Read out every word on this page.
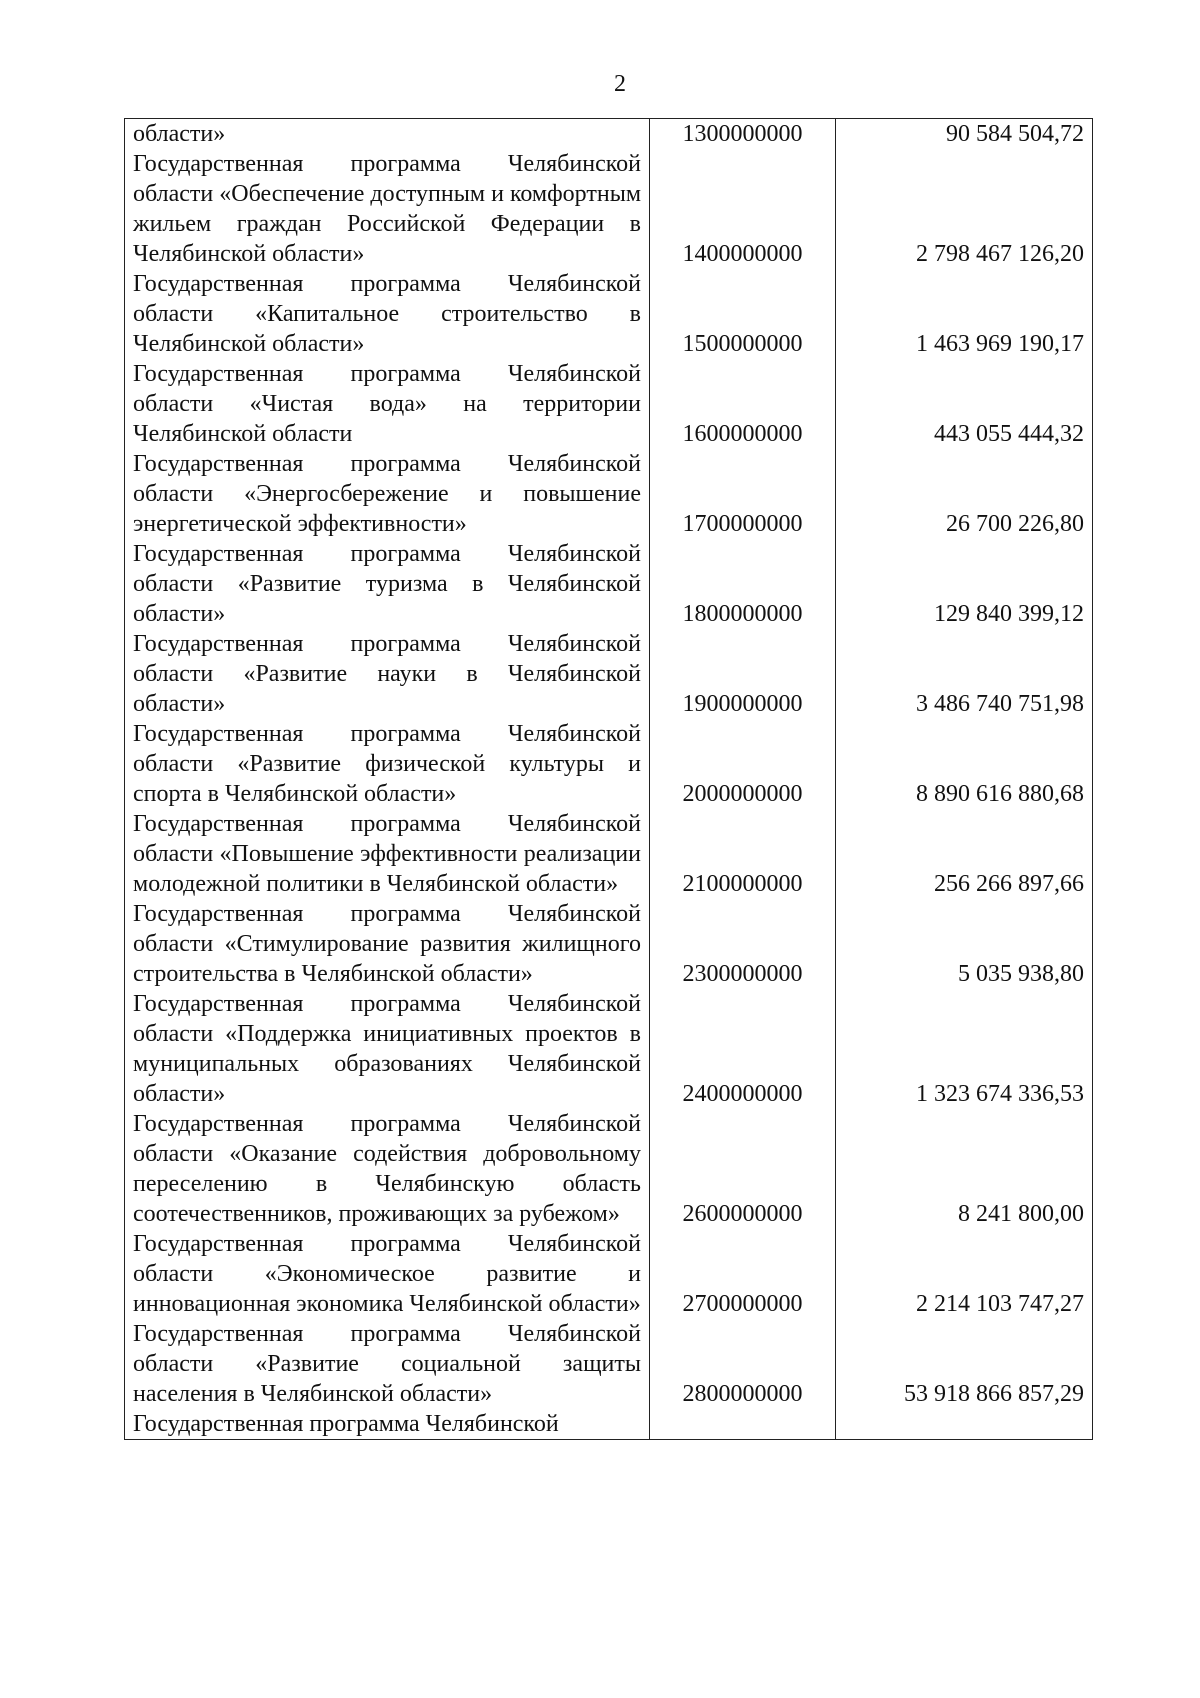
2
области»	1300000000	90 584 504,72
Государственная программа Челябинской области «Обеспечение доступным и комфортным жильем граждан Российской Федерации в Челябинской области»	1400000000	2 798 467 126,20
Государственная программа Челябинской области «Капитальное строительство в Челябинской области»	1500000000	1 463 969 190,17
Государственная программа Челябинской области «Чистая вода» на территории Челябинской области	1600000000	443 055 444,32
Государственная программа Челябинской области «Энергосбережение и повышение энергетической эффективности»	1700000000	26 700 226,80
Государственная программа Челябинской области «Развитие туризма в Челябинской области»	1800000000	129 840 399,12
Государственная программа Челябинской области «Развитие науки в Челябинской области»	1900000000	3 486 740 751,98
Государственная программа Челябинской области «Развитие физической культуры и спорта в Челябинской области»	2000000000	8 890 616 880,68
Государственная программа Челябинской области «Повышение эффективности реализации молодежной политики в Челябинской области»	2100000000	256 266 897,66
Государственная программа Челябинской области «Стимулирование развития жилищного строительства в Челябинской области»	2300000000	5 035 938,80
Государственная программа Челябинской области «Поддержка инициативных проектов в муниципальных образованиях Челябинской области»	2400000000	1 323 674 336,53
Государственная программа Челябинской области «Оказание содействия добровольному переселению в Челябинскую область соотечественников, проживающих за рубежом»	2600000000	8 241 800,00
Государственная программа Челябинской области «Экономическое развитие и инновационная экономика Челябинской области»	2700000000	2 214 103 747,27
Государственная программа Челябинской области «Развитие социальной защиты населения в Челябинской области»	2800000000	53 918 866 857,29
Государственная программа Челябинской		
